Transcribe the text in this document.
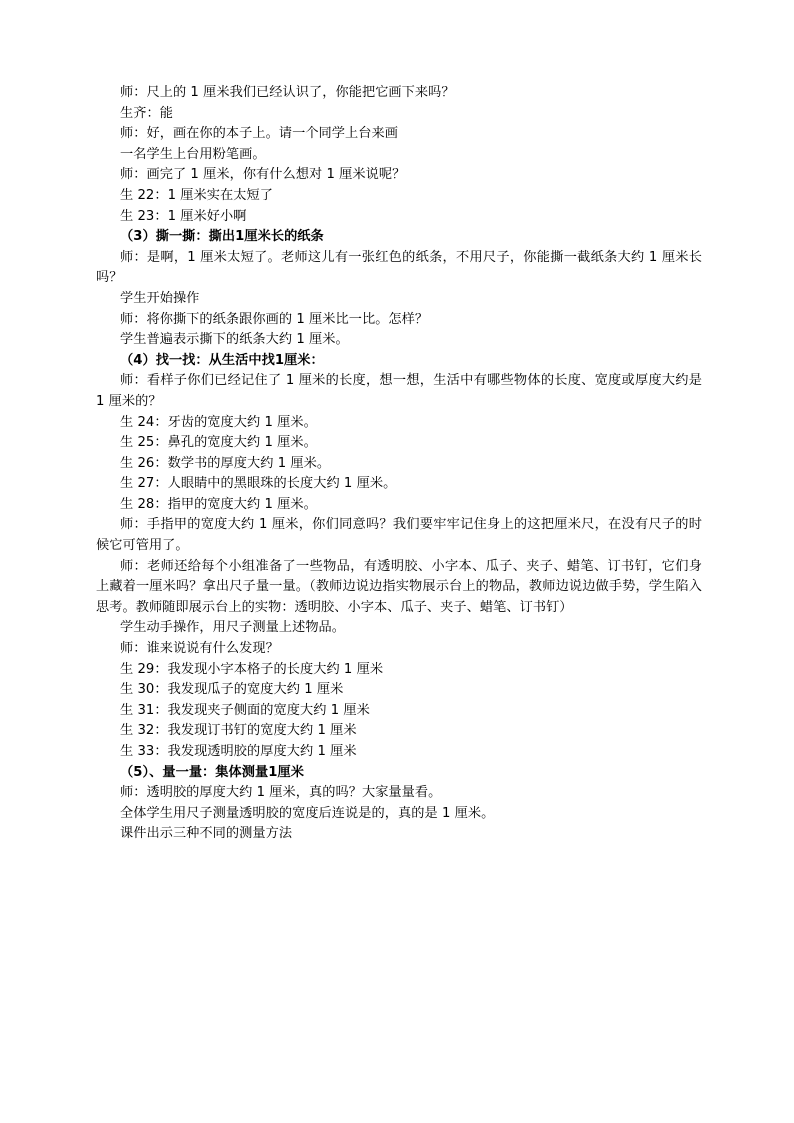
师：尺上的 1 厘米我们已经认识了，你能把它画下来吗？
生齐：能
师：好，画在你的本子上。请一个同学上台来画
一名学生上台用粉笔画。
师：画完了 1 厘米，你有什么想对 1 厘米说呢？
生 22：1 厘米实在太短了
生 23：1 厘米好小啊
（3）撕一撕：撕出1厘米长的纸条
师：是啊，1 厘米太短了。老师这儿有一张红色的纸条，不用尺子，你能撕一截纸条大约 1 厘米长吗？
学生开始操作
师：将你撕下的纸条跟你画的 1 厘米比一比。怎样？
学生普遍表示撕下的纸条大约 1 厘米。
（4）找一找：从生活中找1厘米：
师：看样子你们已经记住了 1 厘米的长度，想一想，生活中有哪些物体的长度、宽度或厚度大约是 1 厘米的？
生 24：牙齿的宽度大约 1 厘米。
生 25：鼻孔的宽度大约 1 厘米。
生 26：数学书的厚度大约 1 厘米。
生 27：人眼睛中的黑眼珠的长度大约 1 厘米。
生 28：指甲的宽度大约 1 厘米。
师：手指甲的宽度大约 1 厘米，你们同意吗？我们要牢牢记住身上的这把厘米尺，在没有尺子的时候它可管用了。
师：老师还给每个小组准备了一些物品，有透明胶、小字本、瓜子、夹子、蜡笔、订书钉，它们身上藏着一厘米吗？拿出尺子量一量。（教师边说边指实物展示台上的物品，教师边说边做手势，学生陷入思考。教师随即展示台上的实物：透明胶、小字本、瓜子、夹子、蜡笔、订书钉）
学生动手操作，用尺子测量上述物品。
师：谁来说说有什么发现？
生 29：我发现小字本格子的长度大约 1 厘米
生 30：我发现瓜子的宽度大约 1 厘米
生 31：我发现夹子侧面的宽度大约 1 厘米
生 32：我发现订书钉的宽度大约 1 厘米
生 33：我发现透明胶的厚度大约 1 厘米
（5）、量一量：集体测量1厘米
师：透明胶的厚度大约 1 厘米，真的吗？大家量量看。
全体学生用尺子测量透明胶的宽度后连说是的，真的是 1 厘米。
课件出示三种不同的测量方法
